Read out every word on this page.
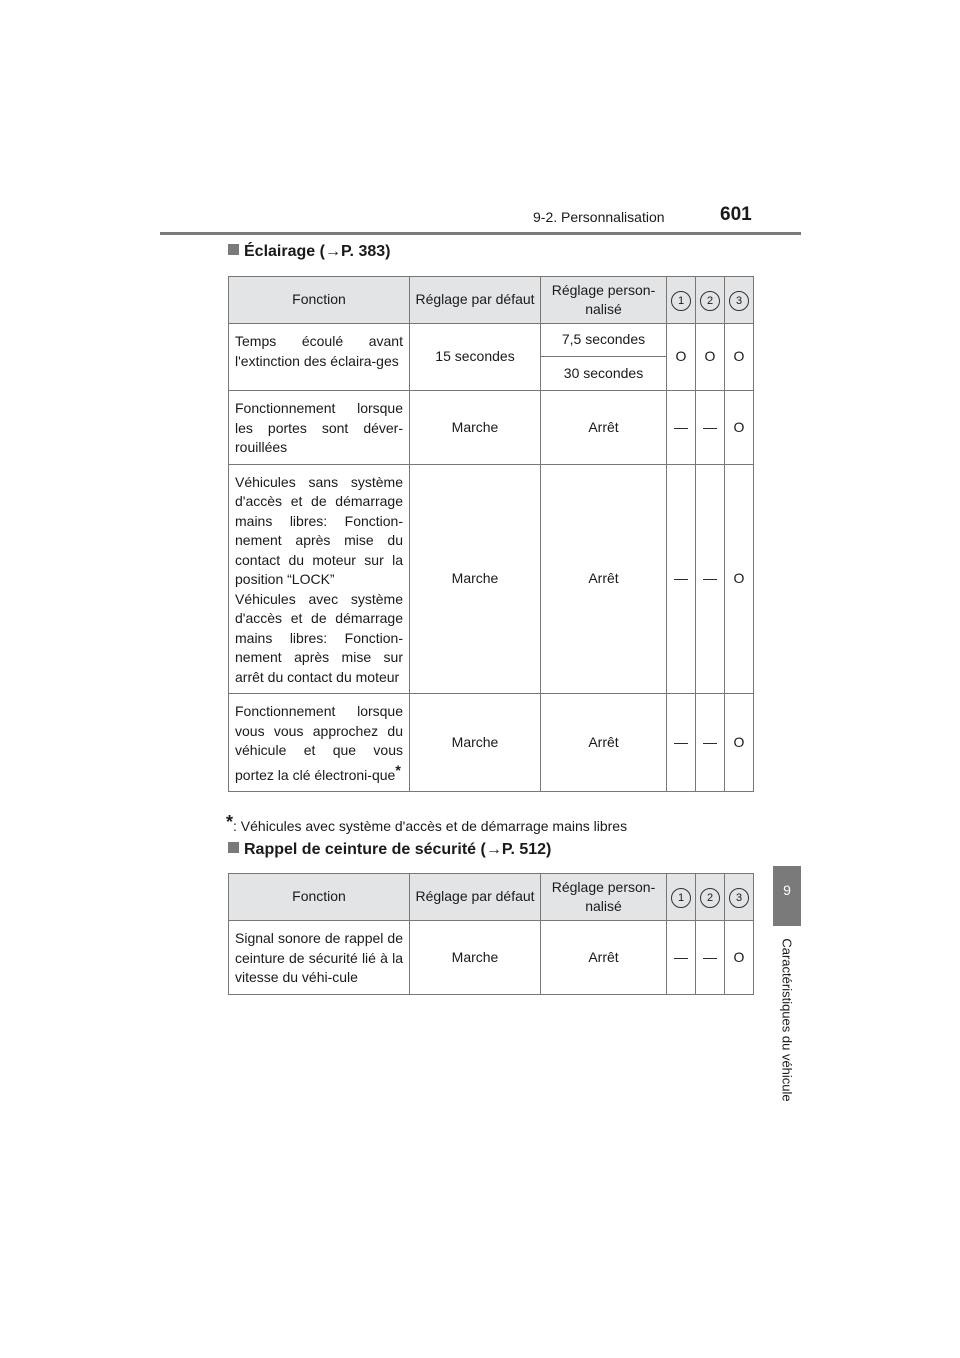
9-2. Personnalisation	601
9
Caractéristiques du véhicule
Éclairage (→P. 383)
Fonction	Réglage par défaut	Réglage person-nalisé	1	2	3
Temps écoulé avant l'extinction des éclaira-ges	15 secondes	7,5 secondes	O	O	O
		30 secondes			
Fonctionnement lorsque les portes sont déver-rouillées	Marche	Arrêt	—	—	O

Véhicules sans système d'accès et de démarrage mains libres: Fonction-nement après mise du contact du moteur sur la position “LOCK”
Véhicules avec système d'accès et de démarrage mains libres: Fonction-nement après mise sur arrêt du contact du moteur	Marche	Arrêt	—	—	O
Fonctionnement lorsque vous vous approchez du véhicule et que vous portez la clé électroni-que*	Marche	Arrêt	—	—	O
*: Véhicules avec système d'accès et de démarrage mains libres
Rappel de ceinture de sécurité (→P. 512)
Fonction	Réglage par défaut	Réglage person-nalisé	1	2	3
Signal sonore de rappel de ceinture de sécurité lié à la vitesse du véhi-cule	Marche	Arrêt	—	—	O
